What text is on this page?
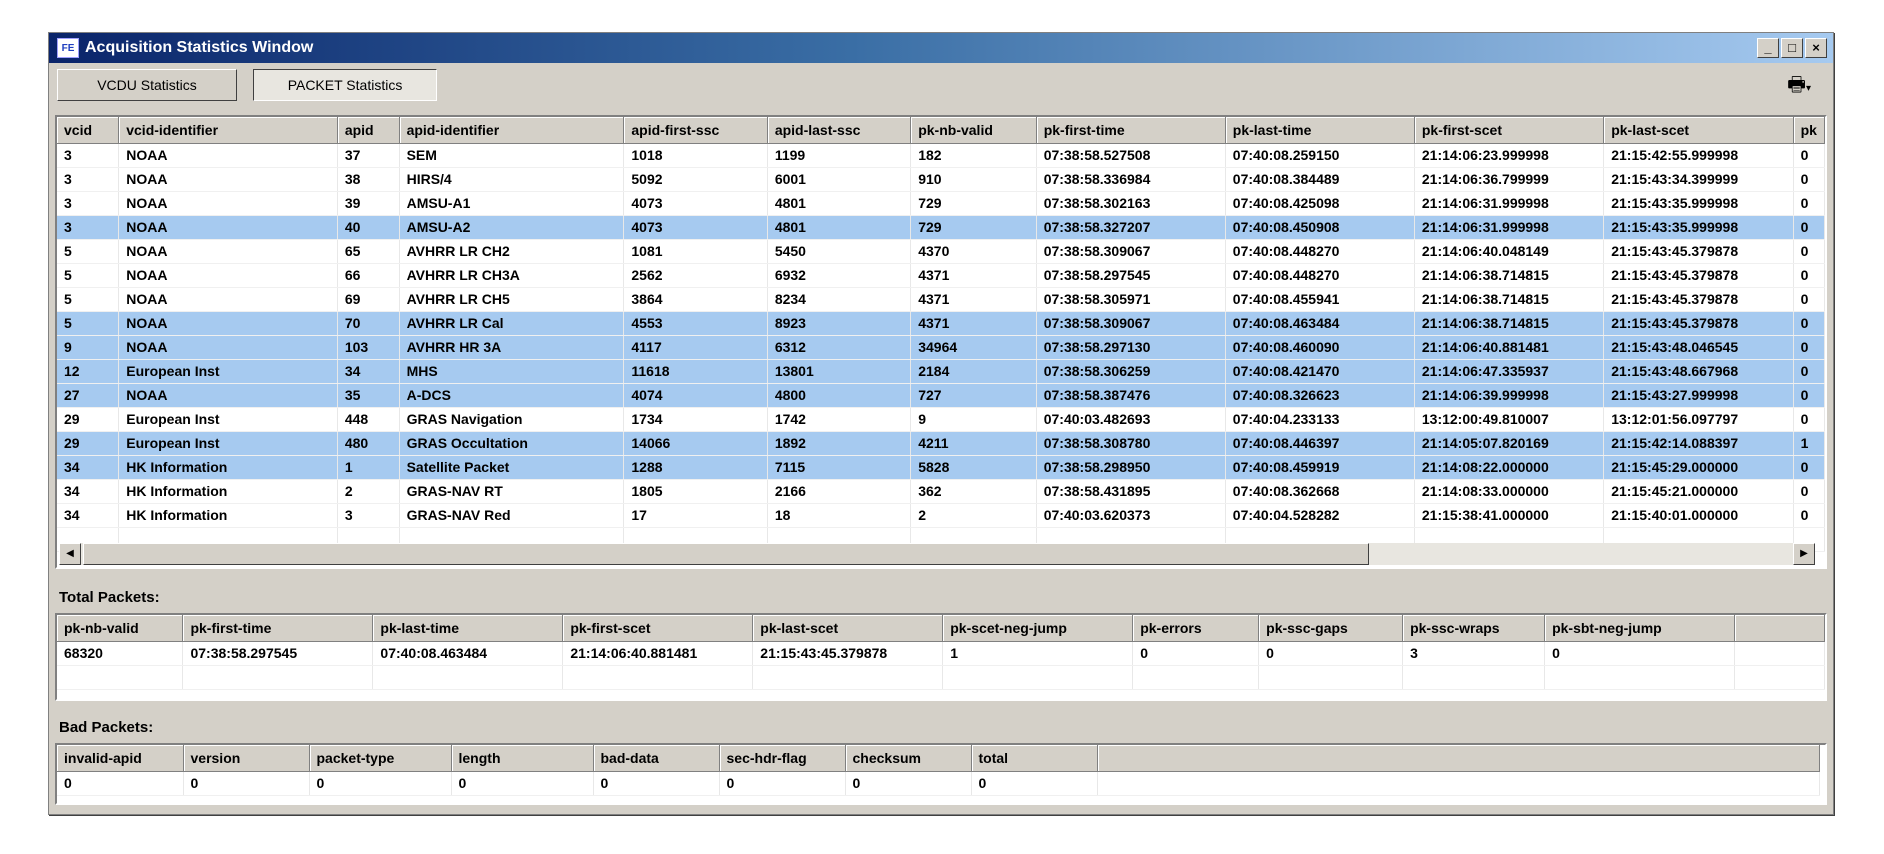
FE Acquisition Statistics Window	_	□	×
VCDU Statistics	PACKET Statistics	🖶▾
vcid	vcid-identifier	apid	apid-identifier	apid-first-ssc	apid-last-ssc	pk-nb-valid	pk-first-time	pk-last-time	pk-first-scet	pk-last-scet	pk
3	NOAA	37	SEM	1018	1199	182	07:38:58.527508	07:40:08.259150	21:14:06:23.999998	21:15:42:55.999998	0
3	NOAA	38	HIRS/4	5092	6001	910	07:38:58.336984	07:40:08.384489	21:14:06:36.799999	21:15:43:34.399999	0
3	NOAA	39	AMSU-A1	4073	4801	729	07:38:58.302163	07:40:08.425098	21:14:06:31.999998	21:15:43:35.999998	0
3	NOAA	40	AMSU-A2	4073	4801	729	07:38:58.327207	07:40:08.450908	21:14:06:31.999998	21:15:43:35.999998	0
5	NOAA	65	AVHRR LR CH2	1081	5450	4370	07:38:58.309067	07:40:08.448270	21:14:06:40.048149	21:15:43:45.379878	0
5	NOAA	66	AVHRR LR CH3A	2562	6932	4371	07:38:58.297545	07:40:08.448270	21:14:06:38.714815	21:15:43:45.379878	0
5	NOAA	69	AVHRR LR CH5	3864	8234	4371	07:38:58.305971	07:40:08.455941	21:14:06:38.714815	21:15:43:45.379878	0
5	NOAA	70	AVHRR LR Cal	4553	8923	4371	07:38:58.309067	07:40:08.463484	21:14:06:38.714815	21:15:43:45.379878	0
9	NOAA	103	AVHRR HR 3A	4117	6312	34964	07:38:58.297130	07:40:08.460090	21:14:06:40.881481	21:15:43:48.046545	0
12	European Inst	34	MHS	11618	13801	2184	07:38:58.306259	07:40:08.421470	21:14:06:47.335937	21:15:43:48.667968	0
27	NOAA	35	A-DCS	4074	4800	727	07:38:58.387476	07:40:08.326623	21:14:06:39.999998	21:15:43:27.999998	0
29	European Inst	448	GRAS Navigation	1734	1742	9	07:40:03.482693	07:40:04.233133	13:12:00:49.810007	13:12:01:56.097797	0
29	European Inst	480	GRAS Occultation	14066	1892	4211	07:38:58.308780	07:40:08.446397	21:14:05:07.820169	21:15:42:14.088397	1
34	HK Information	1	Satellite Packet	1288	7115	5828	07:38:58.298950	07:40:08.459919	21:14:08:22.000000	21:15:45:29.000000	0
34	HK Information	2	GRAS-NAV RT	1805	2166	362	07:38:58.431895	07:40:08.362668	21:14:08:33.000000	21:15:45:21.000000	0
34	HK Information	3	GRAS-NAV Red	17	18	2	07:40:03.620373	07:40:04.528282	21:15:38:41.000000	21:15:40:01.000000	0

◀	▶
Total Packets:
pk-nb-valid	pk-first-time	pk-last-time	pk-first-scet	pk-last-scet	pk-scet-neg-jump	pk-errors	pk-ssc-gaps	pk-ssc-wraps	pk-sbt-neg-jump	
68320	07:38:58.297545	07:40:08.463484	21:14:06:40.881481	21:15:43:45.379878	1	0	0	3	0	

Bad Packets:
invalid-apid	version	packet-type	length	bad-data	sec-hdr-flag	checksum	total	
0	0	0	0	0	0	0	0	
